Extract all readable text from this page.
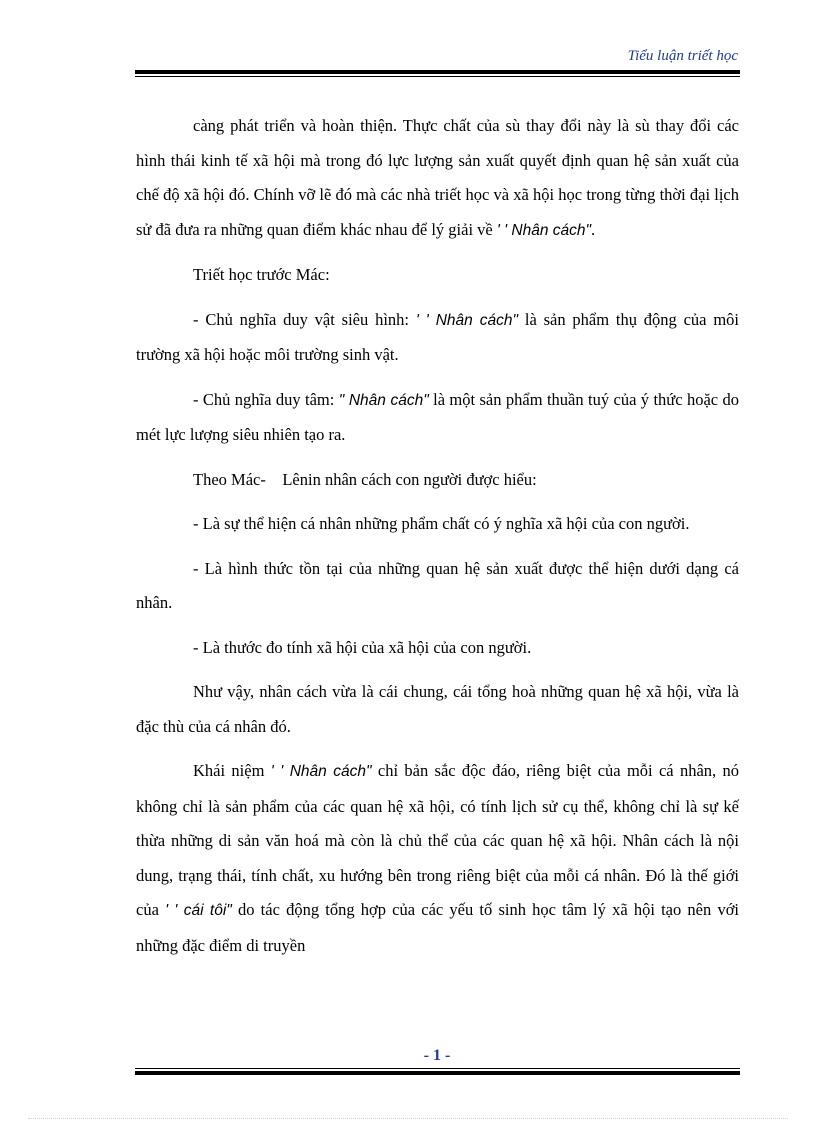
Tiểu luận triết học

càng phát triển và hoàn thiện. Thực chất của sù thay đổi này là sù thay đổi các hình thái kinh tế xã hội mà trong đó lực lượng sản xuất quyết định quan hệ sản xuất của chế độ xã hội đó. Chính vỡ lẽ đó mà các nhà triết học và xã hội học trong từng thời đại lịch sử đã đưa ra những quan điểm khác nhau để lý giải về ' ' Nhân cách".

Triết học trước Mác:

- Chủ nghĩa duy vật siêu hình: ' ' Nhân cách" là sản phẩm thụ động của môi trường xã hội hoặc môi trường sinh vật.

- Chủ nghĩa duy tâm: " Nhân cách" là một sản phẩm thuần tuý của ý thức hoặc do mét lực lượng siêu nhiên tạo ra.

Theo Mác-    Lênin nhân cách con người được hiểu:

- Là sự thể hiện cá nhân những phẩm chất có ý nghĩa xã hội của con người.

- Là hình thức tồn tại của những quan hệ sản xuất được thể hiện dưới dạng cá nhân.

- Là thước đo tính xã hội của xã hội của con người.

Như vậy, nhân cách vừa là cái chung, cái tổng hoà những quan hệ xã hội, vừa là đặc thù của cá nhân đó.

Khái niệm ' ' Nhân cách" chỉ bản sắc độc đáo, riêng biệt của mỗi cá nhân, nó không chỉ là sản phẩm của các quan hệ xã hội, có tính lịch sử cụ thể, không chỉ là sự kế thừa những di sản văn hoá mà còn là chủ thể của các quan hệ xã hội. Nhân cách là nội dung, trạng thái, tính chất, xu hướng bên trong riêng biệt của mỗi cá nhân. Đó là thế giới của ' ' cái tôi" do tác động tổng hợp của các yếu tố sinh học tâm lý xã hội tạo nên với những đặc điểm di truyền

- 1 -
